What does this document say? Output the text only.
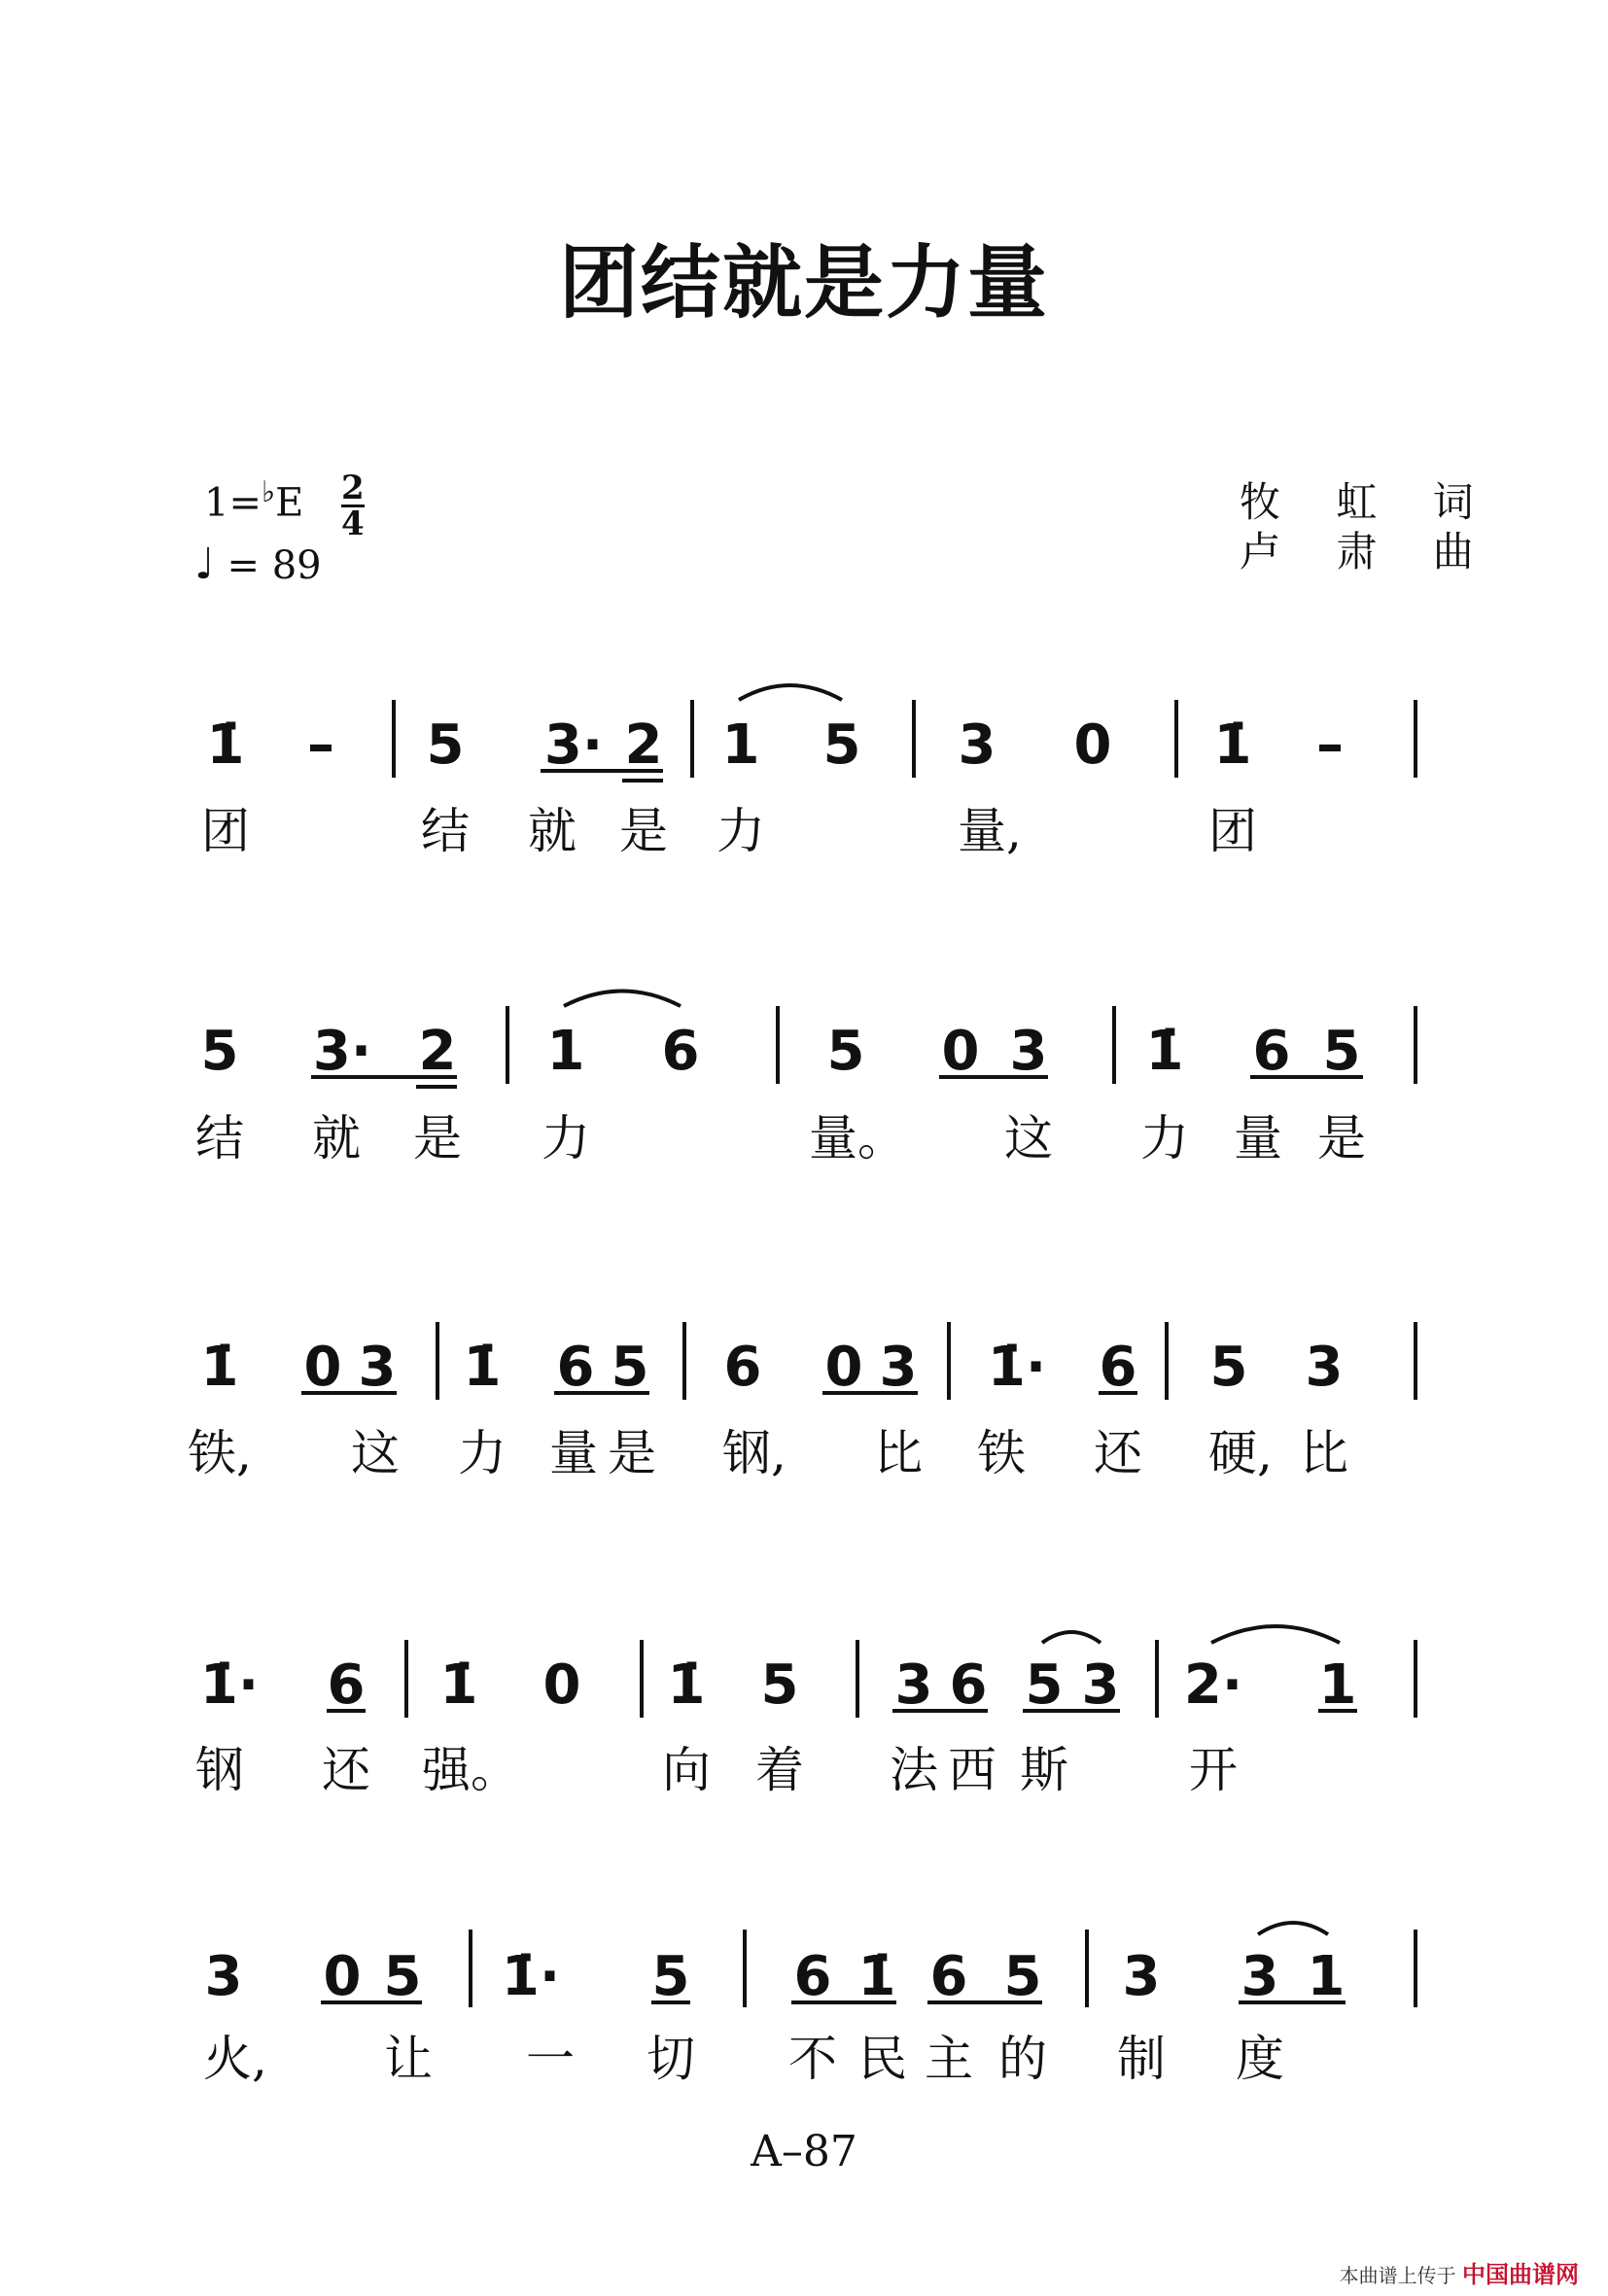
团结就是力量
$1=^♭E \frac{2}{4}$
♩ = 89
牧 虹 词
卢 肃 曲
1̇ – 5 3· 2 1 5 3 0 1̇ –
团	结 就 是 力	量,	团
5 3· 2 1 6 5 0 3 1̇ 6 5
结 就 是 力	量。 这 力 量 是
1̇ 0 3 1̇ 6 5 6 0 3 1̇· 6 5 3
铁, 这 力 量 是 钢, 比 铁 还 硬, 比
1̇· 6 1̇ 0 1̇ 5 3 6 5 3 2· 1
钢 还 强。	向 着 法 西 斯 开
3 0 5 1̇· 5 6 1̇ 6 5 3 3 1
火, 让 一 切 不 民 主 的 制 度
A–87
本曲谱上传于 中国曲谱网
